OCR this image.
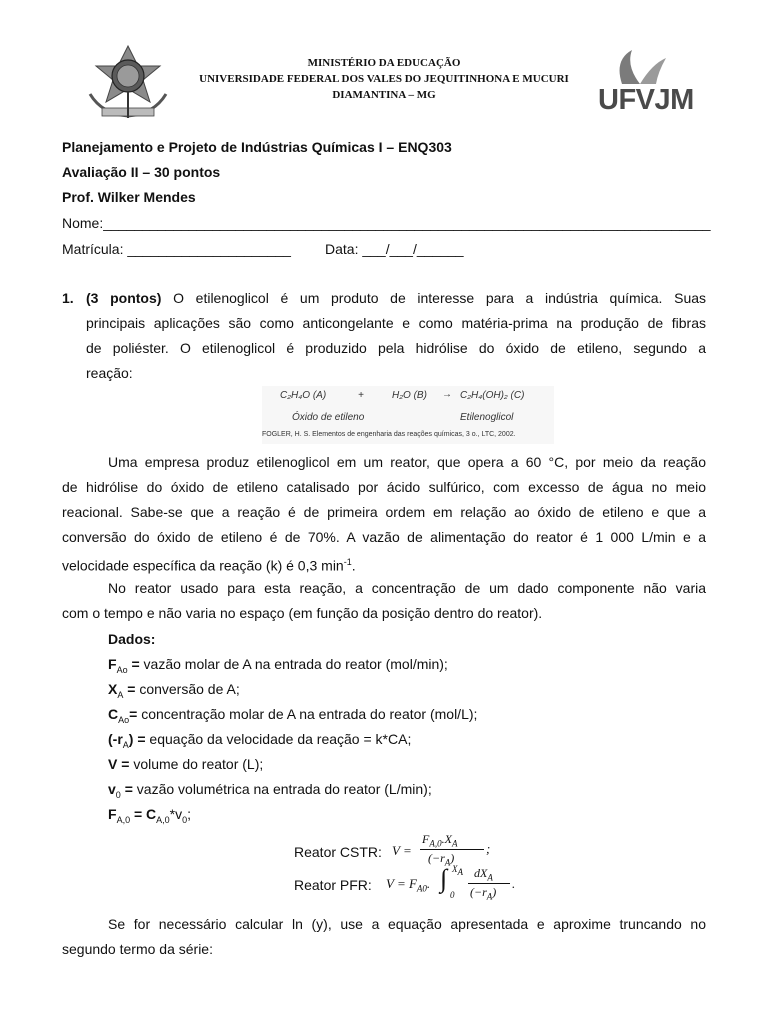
MINISTÉRIO DA EDUCAÇÃO
UNIVERSIDADE FEDERAL DOS VALES DO JEQUITINHONA E MUCURI
DIAMANTINA – MG	UFVJM
Planejamento e Projeto de Indústrias Químicas I – ENQ303
Avaliação II – 30 pontos
Prof. Wilker Mendes
Nome:______________________________________________________________________________
Matrícula: _____________________ Data: ___/___/______
1. (3 pontos) O etilenoglicol é um produto de interesse para a indústria química. Suas
principais aplicações são como anticongelante e como matéria-prima na produção de fibras
de poliéster. O etilenoglicol é produzido pela hidrólise do óxido de etileno, segundo a
reação:
C₂H₄O (A)	+	H₂O (B) → C₂H₄(OH)₂ (C)
Óxido de etileno	Etilenoglicol
FOGLER, H. S. Elementos de engenharia das reações químicas, 3 o., LTC, 2002.
Uma empresa produz etilenoglicol em um reator, que opera a 60 °C, por meio da reação
de hidrólise do óxido de etileno catalisado por ácido sulfúrico, com excesso de água no meio
reacional. Sabe-se que a reação é de primeira ordem em relação ao óxido de etileno e que a
conversão do óxido de etileno é de 70%. A vazão de alimentação do reator é 1 000 L/min e a
velocidade específica da reação (k) é 0,3 $\min^{-1}$.
No reator usado para esta reação, a concentração de um dado componente não varia
com o tempo e não varia no espaço (em função da posição dentro do reator).
Dados:
$F_{Ao}$ = vazão molar de A na entrada do reator (mol/min);
$X_A$ = conversão de A;
$C_{Ao}=$ concentração molar de A na entrada do reator (mol/L);
$(-r_A)$ = equação da velocidade da reação = k*CA;
V = volume do reator (L);
$v_0$ = vazão volumétrica na entrada do reator (L/min);
$F_{A,0} = C_{A,0}*v_0$;
Reator CSTR: V =
$F_{A,0}.X_A$
$(-r_A)$
;
Reator PFR: $V = F_{A0}$. ∫ $X_A$
0
$dX_A$
$(-r_A)$
.
Se for necessário calcular ln (y), use a equação apresentada e aproxime truncando no
segundo termo da série:
